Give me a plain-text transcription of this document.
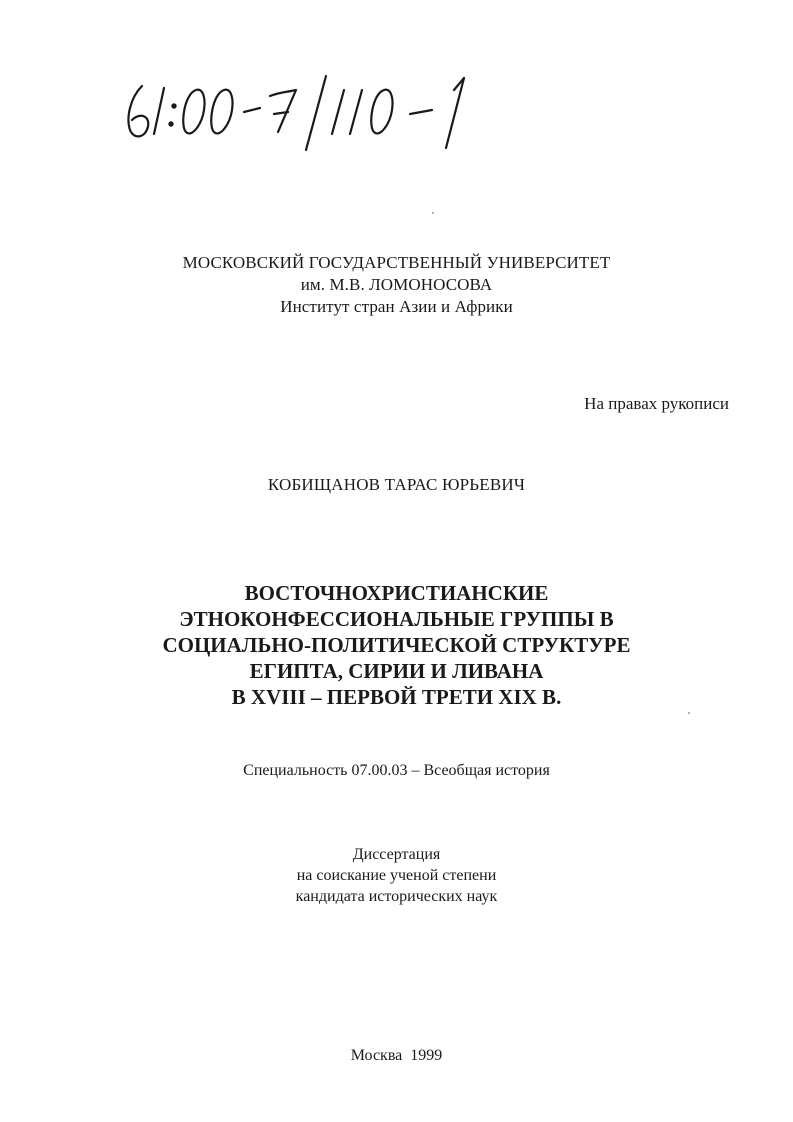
МОСКОВСКИЙ ГОСУДАРСТВЕННЫЙ УНИВЕРСИТЕТ
им. М.В. ЛОМОНОСОВА
Институт стран Азии и Африки
На правах рукописи
КОБИЩАНОВ ТАРАС ЮРЬЕВИЧ
ВОСТОЧНОХРИСТИАНСКИЕ
ЭТНОКОНФЕССИОНАЛЬНЫЕ ГРУППЫ В
СОЦИАЛЬНО-ПОЛИТИЧЕСКОЙ СТРУКТУРЕ
ЕГИПТА, СИРИИ И ЛИВАНА
В XVIII – ПЕРВОЙ ТРЕТИ XIX В.
Специальность 07.00.03 – Всеобщая история
Диссертация
на соискание ученой степени
кандидата исторических наук
Москва  1999
